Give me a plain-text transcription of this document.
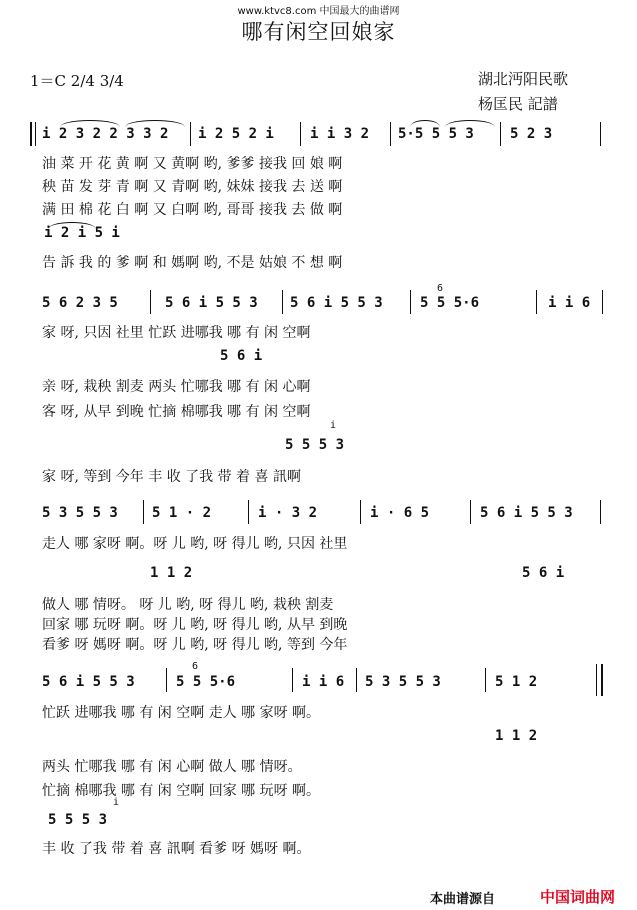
www.ktvc8.com 中国最大的曲谱网
哪有闲空回娘家
1＝C 2/4 3/4	湖北沔阳民歌
杨匡民 記譜
i 2 3 2 2 3 3 2 i 2 5 2 i	i i 3 2 5·5 5 5 3	5 2 3
油 菜 开 花 黄 啊 又 黄啊 哟, 爹爹 接我 回 娘 啊
秧 苗 发 芽 青 啊 又 青啊 哟, 妹妹 接我 去 送 啊
满 田 棉 花 白 啊 又 白啊 哟, 哥哥 接我 去 做 啊
i 2 i 5 i
告 訴 我 的 爹 啊 和 媽啊 哟, 不是 姑娘 不 想 啊
5 6 2 3 5	5 6 i 5 5 3 5 6 i 5 5 3	5 5 5·6	i i 6
6
家 呀, 只因 社里 忙跃 进哪我 哪 有 闲 空啊
5 6 i
亲 呀, 栽秧 割麦 两头 忙哪我 哪 有 闲 心啊
客 呀, 从早 到晚 忙摘 棉哪我 哪 有 闲 空啊
5 5 5 3
i
家 呀, 等到 今年 丰 收 了我 带 着 喜 訊啊
5 3 5 5 3 5 1 · 2	i · 3 2	i · 6 5	5 6 i 5 5 3
走人 哪 家呀 啊。呀 儿 哟, 呀 得儿 哟, 只因 社里
1 1 2	5 6 i
做人 哪 情呀。 呀 儿 哟, 呀 得儿 哟, 栽秧 割麦
回家 哪 玩呀 啊。呀 儿 哟, 呀 得儿 哟, 从早 到晚
看爹 呀 媽呀 啊。呀 儿 哟, 呀 得儿 哟, 等到 今年
5 6 i 5 5 3	5 5 5·6	i i 6 5 3 5 5 3	5 1 2
6
忙跃 进哪我 哪 有 闲 空啊 走人 哪 家呀 啊。
1 1 2
两头 忙哪我 哪 有 闲 心啊 做人 哪 情呀。
忙摘 棉哪我 哪 有 闲 空啊 回家 哪 玩呀 啊。
5 5 5 3
i
丰 收 了我 带 着 喜 訊啊 看爹 呀 媽呀 啊。
本曲谱源自	中国词曲网
